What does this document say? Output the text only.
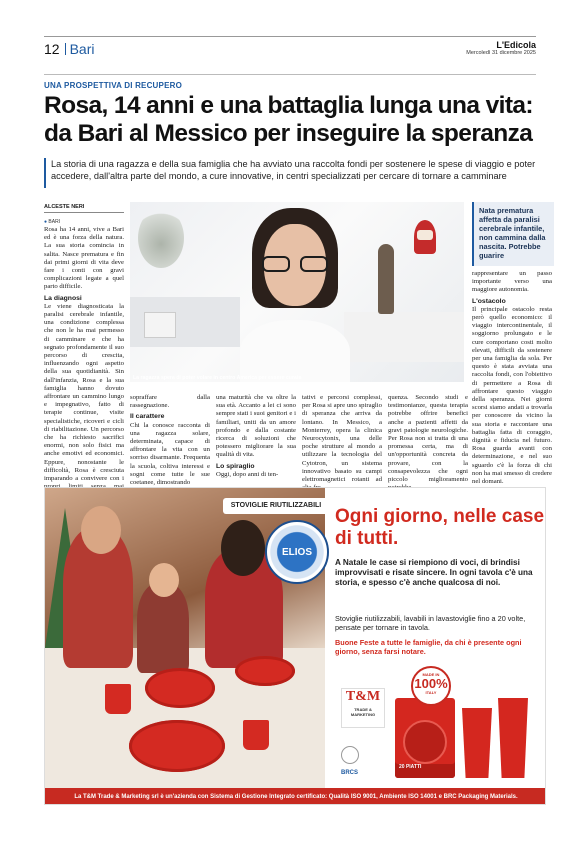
12 Bari	L'Edicola
Mercoledì 31 dicembre 2025
UNA PROSPETTIVA DI RECUPERO
Rosa, 14 anni e una battaglia lunga una vita: da Bari al Messico per inseguire la speranza
La storia di una ragazza e della sua famiglia che ha avviato una raccolta fondi per sostenere le spese di viaggio e poter accedere, dall'altra parte del mondo, a cure innovative, in centri specializzati per cercare di tornare a camminare
ALCESTE NERI
● BARI

Rosa ha 14 anni, vive a Bari ed è una forza della natura. La sua storia comincia in salita. Nasce prematura e fin dai primi giorni di vita deve fare i conti con gravi complicazioni legate a quel parto difficile.

La diagnosi

Le viene diagnosticata la paralisi cerebrale infantile, una condizione complessa che non le ha mai permesso di camminare e che ha segnato profondamente il suo percorso di crescita, influenzando ogni aspetto della sua quotidianità. Sin dall'infanzia, Rosa e la sua famiglia hanno dovuto affrontare un cammino lungo e impegnativo, fatto di terapie continue, visite specialistiche, ricoveri e cicli di riabilitazione. Un percorso che ha richiesto sacrifici enormi, non solo fisici ma anche emotivi ed economici. Eppure, nonostante le difficoltà, Rosa è cresciuta imparando a convivere con i

La ragazza spera di poter volare in centro America per essere curata
Nata prematura affetta da paralisi cerebrale infantile, non cammina dalla nascita. Potrebbe guarire

sopraffare dalla rassegnazione.

Il carattere

Chi la conosce racconta di una ragazza solare, determinata, capace di affrontare la vita con un sorriso disarmante. Frequenta la scuola, coltiva interessi e sogni come tutte le sue coetanee, dimostrando

una maturità che va oltre la sua età. Accanto a lei ci sono sempre stati i suoi genitori e i familiari, uniti da un amore profondo e dalla costante ricerca di soluzioni che potessero migliorare la sua qualità di vita.

Lo spiraglio

Oggi, dopo anni di ten-

tativi e percorsi complessi, per Rosa si apre uno spiraglio di speranza che arriva da lontano. In Messico, a Monterrey, opera la clinica Neurocytonix, una delle poche strutture al mondo a utilizzare la tecnologia del Cytotron, un sistema innovativo basato su campi elettromagnetici rotanti ad

quenza. Secondo studi e testimonianze, questa terapia potrebbe offrire benefici anche a pazienti affetti da gravi patologie neurologiche. Per Rosa non si tratta di una promessa certa, ma di un'opportunità concreta da provare, con la consapevolezza che ogni piccolo miglioramento

rappresentare un passo importante verso una maggiore autonomia.

L'ostacolo

Il principale ostacolo resta però quello economico: il viaggio intercontinentale, il soggiorno prolungato e le cure comportano costi molto elevati, difficili da sostenere per una famiglia da sola. Per questo è stata avviata una raccolta fondi, con l'obiettivo di permettere a Rosa di affrontare questo viaggio della speranza. Nei giorni scorsi siamo andati a trovarla per conoscere da vicino la sua storia e raccontare una battaglia fatta di coraggio, dignità e fiducia nel futuro. Rosa guarda avanti con determinazione, e nel suo sguardo c'è la forza di chi non ha mai smesso di credere nel domani.

STOVIGLIE RIUTILIZZABILI
ELIOS
Ogni giorno, nelle case di tutti.
A Natale le case si riempiono di voci, di brindisi improvvisati e risate sincere. In ogni tavola c'è una storia, e spesso c'è anche qualcosa di noi.
Stoviglie riutilizzabili, lavabili in lavastoviglie fino a 20 volte, pensate per tornare in tavola.
Buone Feste a tutte le famiglie, da chi è presente ogni giorno, senza farsi notare.
T&M
TRADE & MARKETING
BRCS
20 PIATTI
MADE IN
100%
ITALY
La T&M Trade & Marketing srl è un'azienda con Sistema di Gestione Integrato certificato: Qualità ISO 9001, Ambiente ISO 14001 e BRC Packaging Materials.
